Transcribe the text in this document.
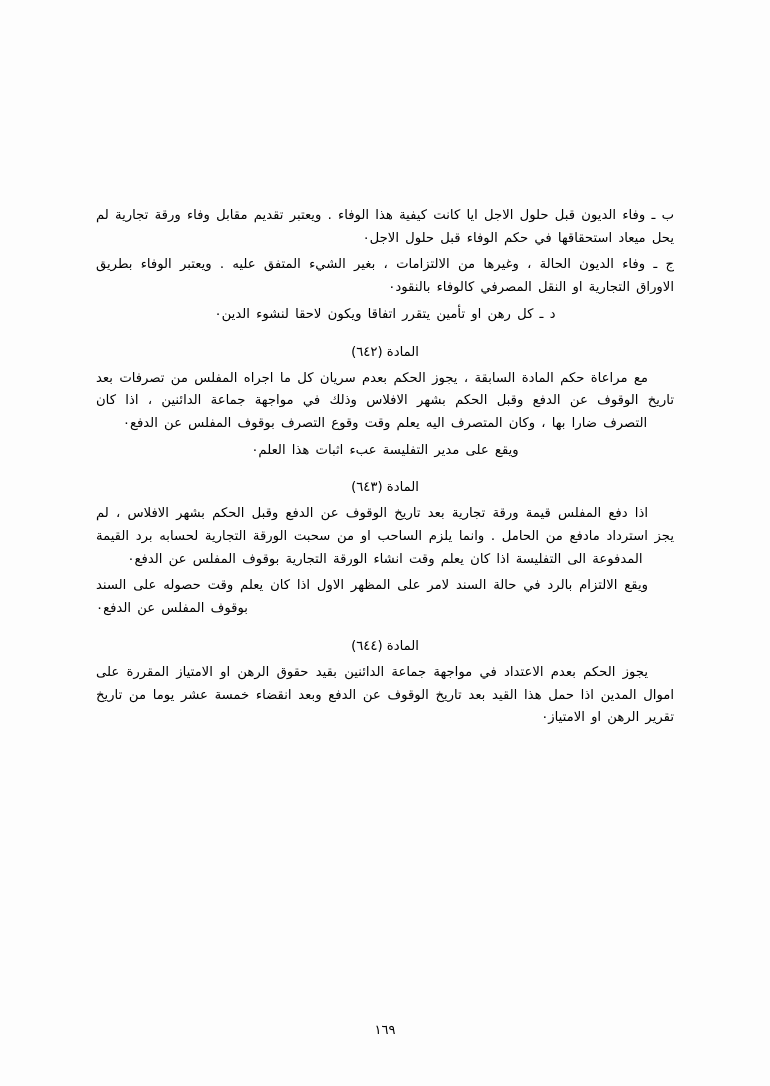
ب ـ وفاء الديون قبل حلول الاجل ايا كانت كيفية هذا الوفاء . ويعتبر تقديم مقابل وفاء ورقة تجارية لم يحل ميعاد استحقاقها في حكم الوفاء قبل حلول الاجل٠

ج ـ وفاء الديون الحالة ، وغيرها من الالتزامات ، بغير الشيء المتفق عليه . ويعتبر الوفاء بطريق الاوراق التجارية او النقل المصرفي كالوفاء بالنقود٠

د ـ كل رهن او تأمين يتقرر اتفاقا ويكون لاحقا لنشوء الدين٠

المادة (٦٤٢)

مع مراعاة حكم المادة السابقة ، يجوز الحكم بعدم سريان كل ما اجراه المفلس من تصرفات بعد تاريخ الوقوف عن الدفع وقبل الحكم بشهر الافلاس وذلك في مواجهة جماعة الدائنين ، اذا كان التصرف ضارا بها ، وكان المتصرف اليه يعلم وقت وقوع التصرف بوقوف المفلس عن الدفع٠

ويقع على مدير التفليسة عبء اثبات هذا العلم٠

المادة (٦٤٣)

اذا دفع المفلس قيمة ورقة تجارية بعد تاريخ الوقوف عن الدفع وقبل الحكم بشهر الافلاس ، لم يجز استرداد مادفع من الحامل . وانما يلزم الساحب او من سحبت الورقة التجارية لحسابه برد القيمة المدفوعة الى التفليسة اذا كان يعلم وقت انشاء الورقة التجارية بوقوف المفلس عن الدفع٠

ويقع الالتزام بالرد في حالة السند لامر على المظهر الاول اذا كان يعلم وقت حصوله على السند بوقوف المفلس عن الدفع٠

المادة (٦٤٤)

يجوز الحكم بعدم الاعتداد في مواجهة جماعة الدائنين بقيد حقوق الرهن او الامتياز المقررة على اموال المدين اذا حمل هذا القيد بعد تاريخ الوقوف عن الدفع وبعد انقضاء خمسة عشر يوما من تاريخ تقرير الرهن او الامتياز٠

١٦٩
